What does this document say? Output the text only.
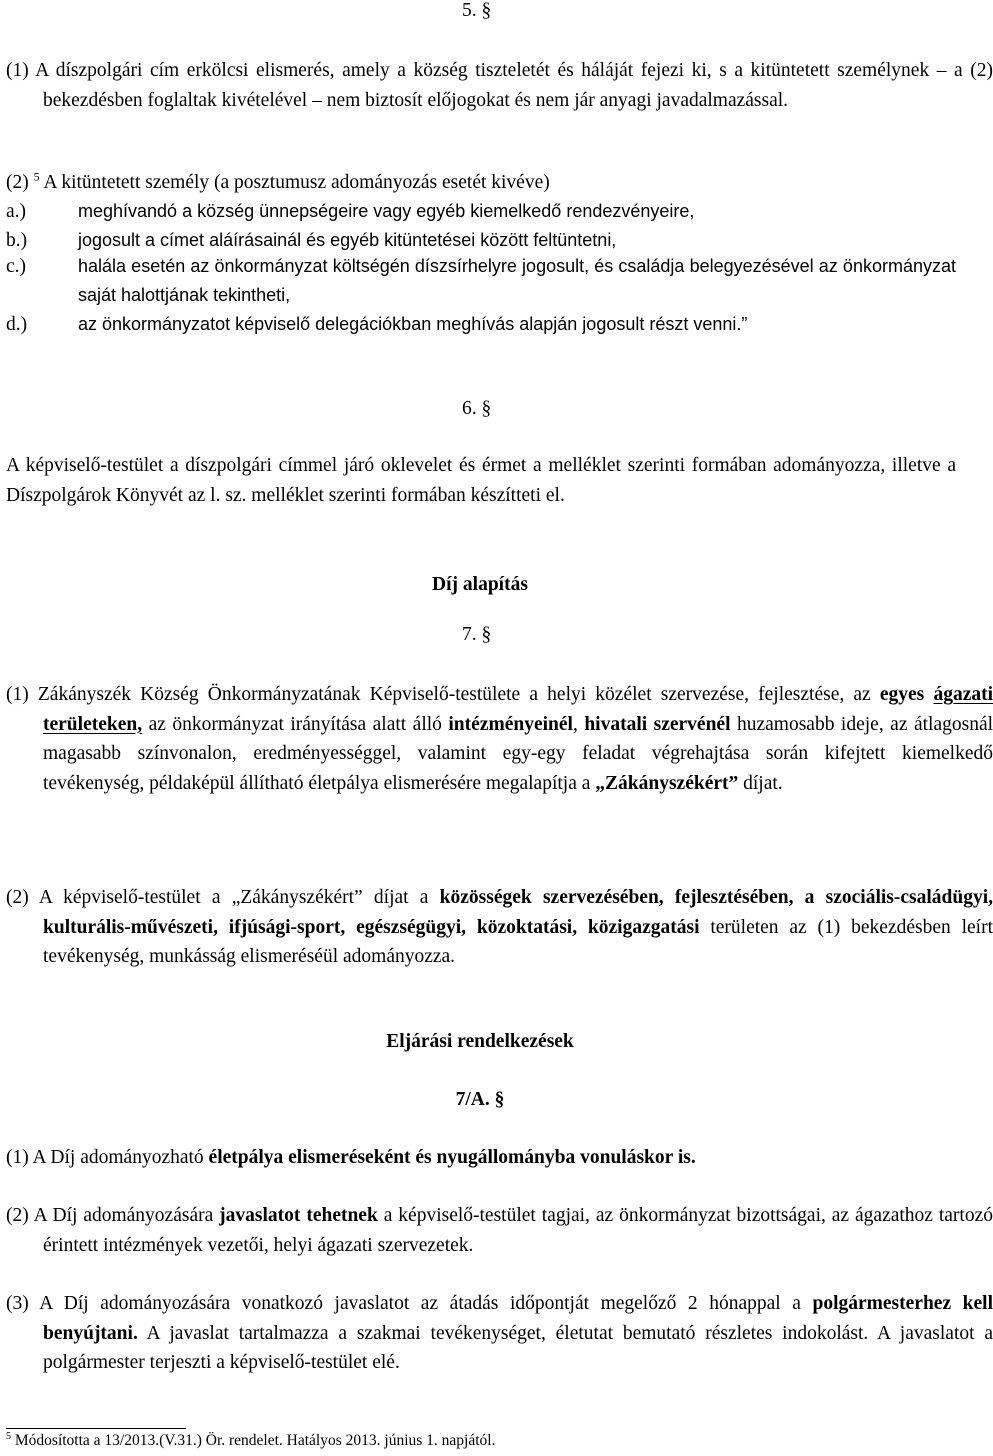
5. §
(1) A díszpolgári cím erkölcsi elismerés, amely a község tiszteletét és háláját fejezi ki, s a kitüntetett személynek – a (2) bekezdésben foglaltak kivételével – nem biztosít előjogokat és nem jár anyagi javadalmazással.
(2) $^5$ A kitüntetett személy (a posztumusz adományozás esetét kivéve)
a.)	meghívandó a község ünnepségeire vagy egyéb kiemelkedő rendezvényeire,
b.)	jogosult a címet aláírásainál és egyéb kitüntetései között feltüntetni,
c.)	halála esetén az önkormányzat költségén díszsírhelyre jogosult, és családja belegyezésével az önkormányzat saját halottjának tekintheti,
d.)	az önkormányzatot képviselő delegációkban meghívás alapján jogosult részt venni.”
6. §
A képviselő-testület a díszpolgári címmel járó oklevelet és érmet a melléklet szerinti formában adományozza, illetve a Díszpolgárok Könyvét az l. sz. melléklet szerinti formában készítteti el.
Díj alapítás
7. §
(1) Zákányszék Község Önkormányzatának Képviselő-testülete a helyi közélet szervezése, fejlesztése, az egyes ágazati területeken, az önkormányzat irányítása alatt álló intézményeinél, hivatali szervénél huzamosabb ideje, az átlagosnál magasabb színvonalon, eredményességgel, valamint egy-egy feladat végrehajtása során kifejtett kiemelkedő tevékenység, példaképül állítható életpálya elismerésére megalapítja a „Zákányszékért” díjat.
(2) A képviselő-testület a „Zákányszékért” díjat a közösségek szervezésében, fejlesztésében, a szociális-családügyi, kulturális-művészeti, ifjúsági-sport, egészségügyi, közoktatási, közigazgatási területen az (1) bekezdésben leírt tevékenység, munkásság elismeréséül adományozza.
Eljárási rendelkezések
7/A. §
(1) A Díj adományozható életpálya elismeréseként és nyugállományba vonuláskor is.
(2) A Díj adományozására javaslatot tehetnek a képviselő-testület tagjai, az önkormányzat bizottságai, az ágazathoz tartozó érintett intézmények vezetői, helyi ágazati szervezetek.
(3) A Díj adományozására vonatkozó javaslatot az átadás időpontját megelőző 2 hónappal a polgármesterhez kell benyújtani. A javaslat tartalmazza a szakmai tevékenységet, életutat bemutató részletes indokolást. A javaslatot a polgármester terjeszti a képviselő-testület elé.
$^5$ Módosította a 13/2013.(V.31.) Ör. rendelet. Hatályos 2013. június 1. napjától.
